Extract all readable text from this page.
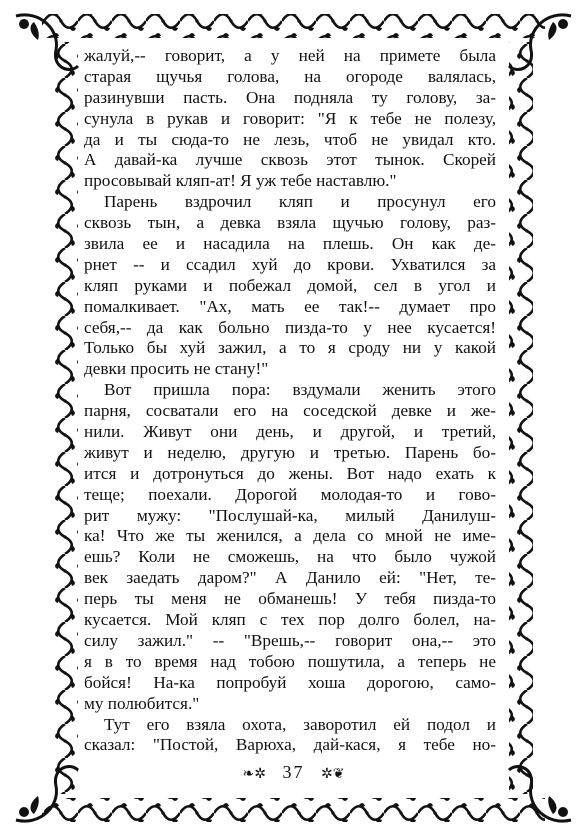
жалуй,-- говорит, а у ней на примете была
старая щучья голова, на огороде валялась,
разинувши пасть. Она подняла ту голову, за-
сунула в рукав и говорит: "Я к тебе не полезу,
да и ты сюда-то не лезь, чтоб не увидал кто.
А давай-ка лучше сквозь этот тынок. Скорей
просовывай кляп-ат! Я уж тебе наставлю."
Парень вздрочил кляп и просунул его
сквозь тын, а девка взяла щучью голову, раз-
звила ее и насадила на плешь. Он как де-
рнет -- и ссадил хуй до крови. Ухватился за
кляп руками и побежал домой, сел в угол и
помалкивает. "Ах, мать ее так!-- думает про
себя,-- да как больно пизда-то у нее кусается!
Только бы хуй зажил, а то я сроду ни у какой
девки просить не стану!"
Вот пришла пора: вздумали женить этого
парня, сосватали его на соседской девке и же-
нили. Живут они день, и другой, и третий,
живут и неделю, другую и третью. Парень бо-
ится и дотронуться до жены. Вот надо ехать к
теще; поехали. Дорогой молодая-то и гово-
рит мужу: "Послушай-ка, милый Данилуш-
ка! Что же ты женился, а дела со мной не име-
ешь? Коли не сможешь, на что было чужой
век заедать даром?" А Данило ей: "Нет, те-
перь ты меня не обманешь! У тебя пизда-то
кусается. Мой кляп с тех пор долго болел, на-
силу зажил." -- "Врешь,-- говорит она,-- это
я в то время над тобою пошутила, а теперь не
бойся! На-ка попробуй хоша дорогою, само-
му полюбится."
Тут его взяла охота, заворотил ей подол и
сказал: "Постой, Варюха, дай-кася, я тебе но-
❧✲ 37 ✲❦
